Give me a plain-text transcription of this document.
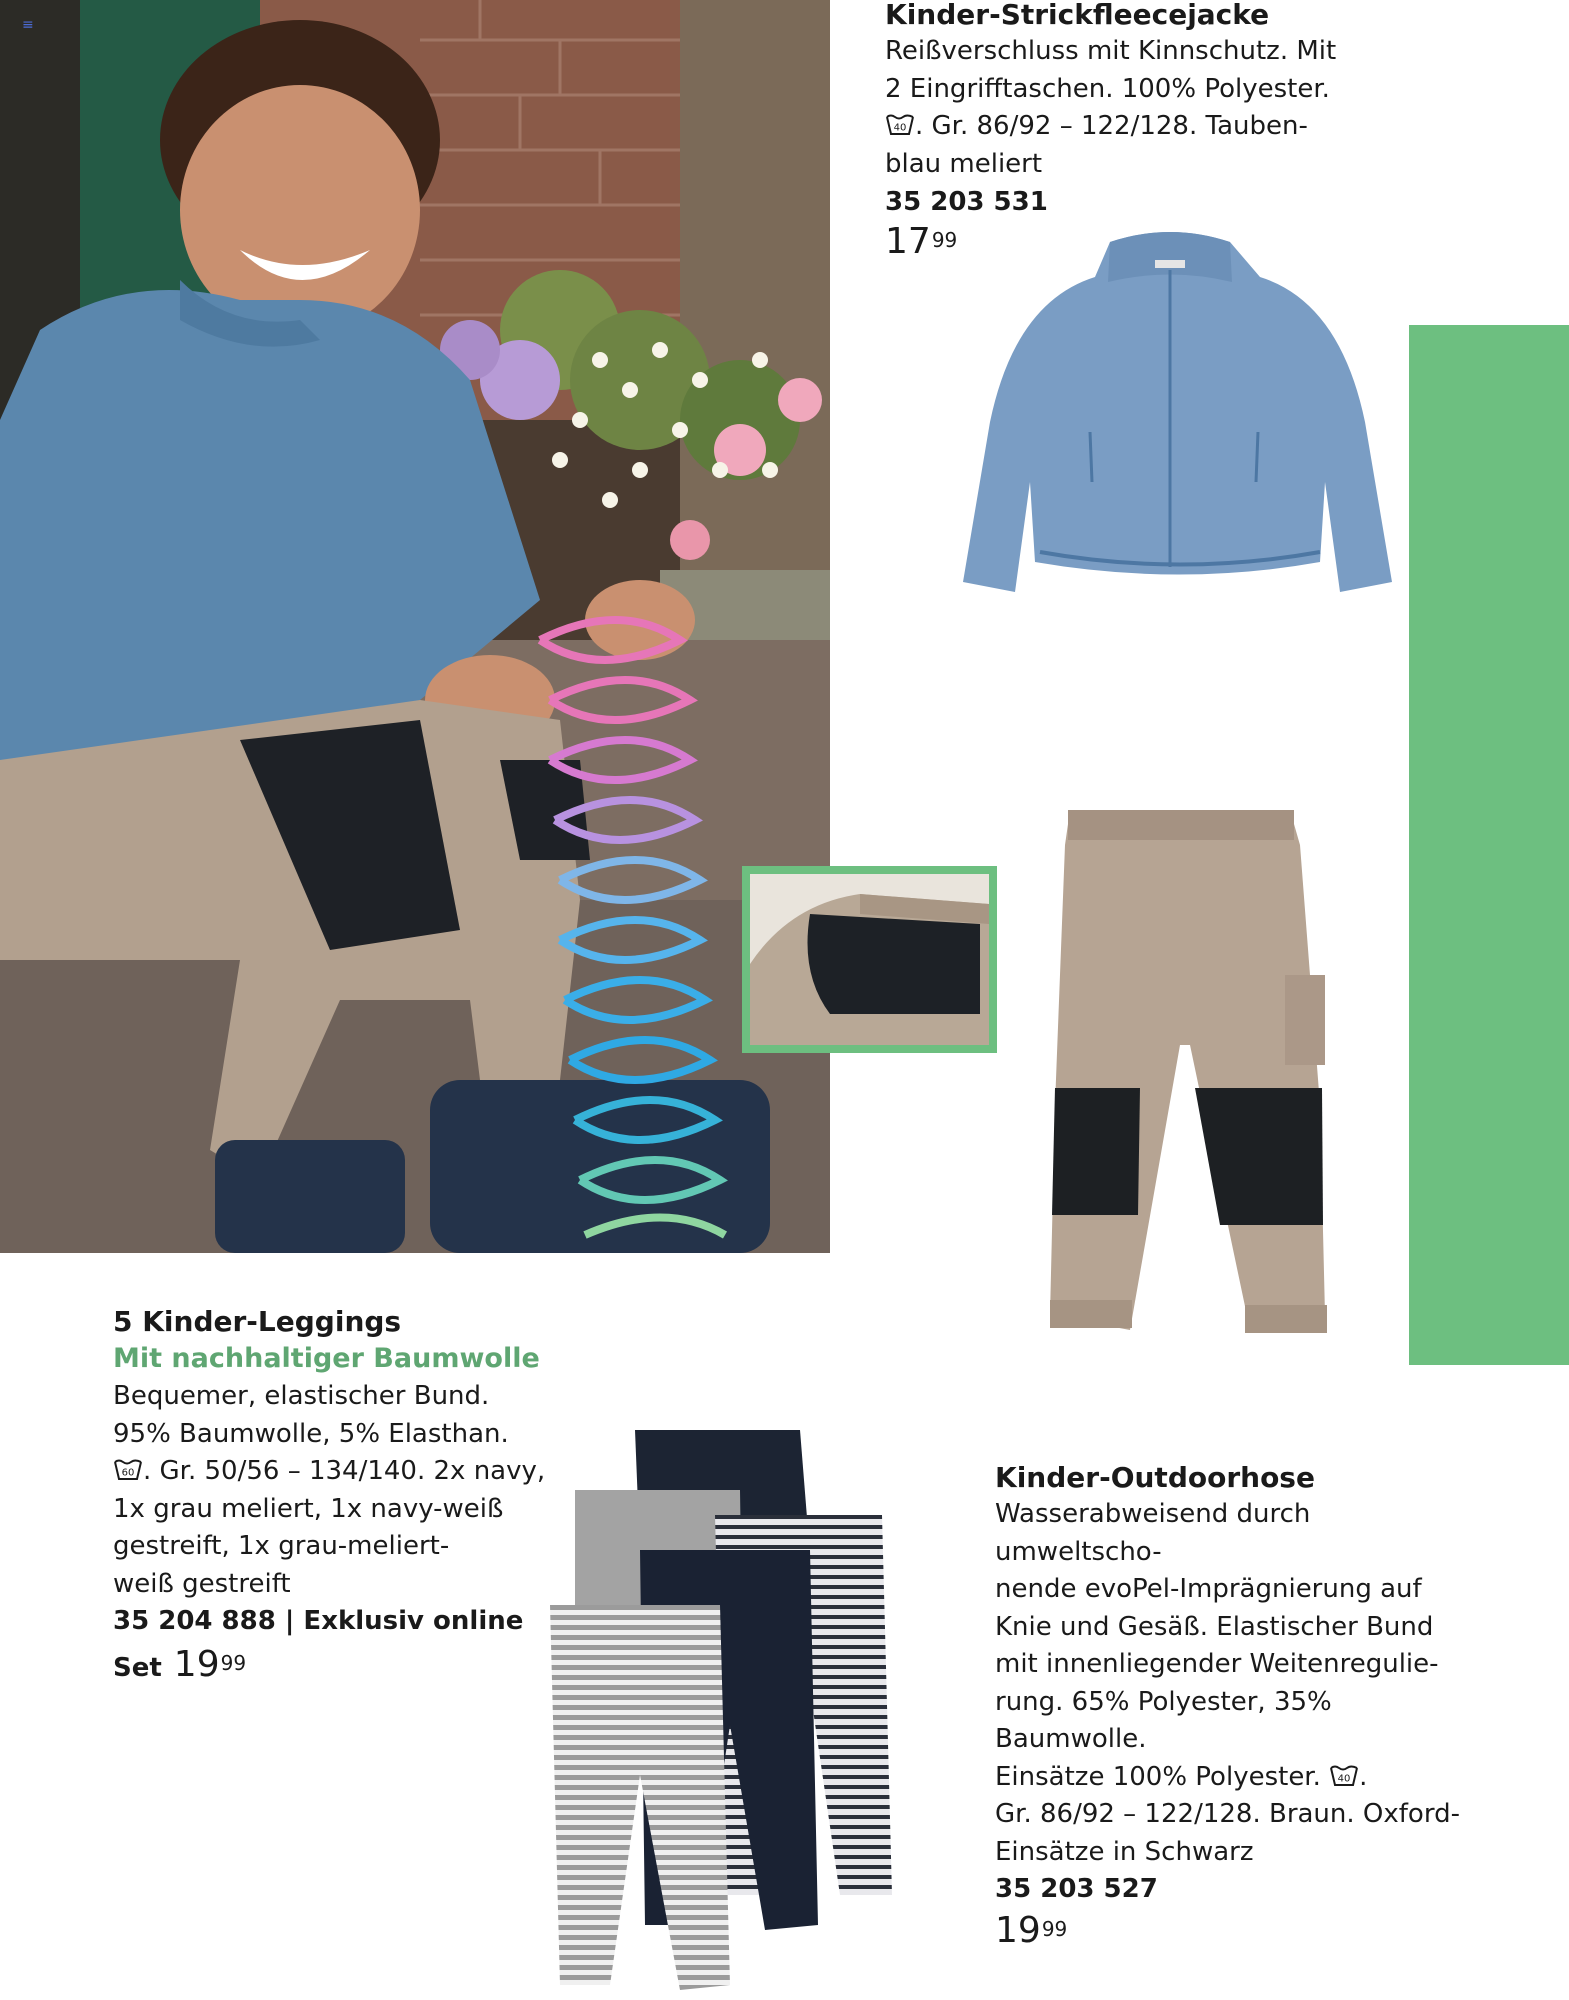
≡	Kinder-Strickfleecejacke
Reißverschluss mit Kinnschutz. Mit
2 Eingrifftaschen. 100% Polyester.
40 . Gr. 86/92 – 122/128. Tauben-
blau meliert
35 203 531
$17^{99}$
5 Kinder-Leggings
Mit nachhaltiger Baumwolle
Bequemer, elastischer Bund.
95% Baumwolle, 5% Elasthan.
60 . Gr. 50/56 – 134/140. 2x navy,
1x grau meliert, 1x navy-weiß
gestreift, 1x grau-meliert-
weiß gestreift
35 204 888 | Exklusiv online
Set $19^{99}$
Kinder-Outdoorhose
Wasserabweisend durch umweltscho-
nende evoPel-Imprägnierung auf
Knie und Gesäß. Elastischer Bund
mit innenliegender Weitenregulie-
rung. 65% Polyester, 35% Baumwolle.
Einsätze 100% Polyester. 40 .
Gr. 86/92 – 122/128. Braun. Oxford-
Einsätze in Schwarz
35 203 527
$19^{99}$
